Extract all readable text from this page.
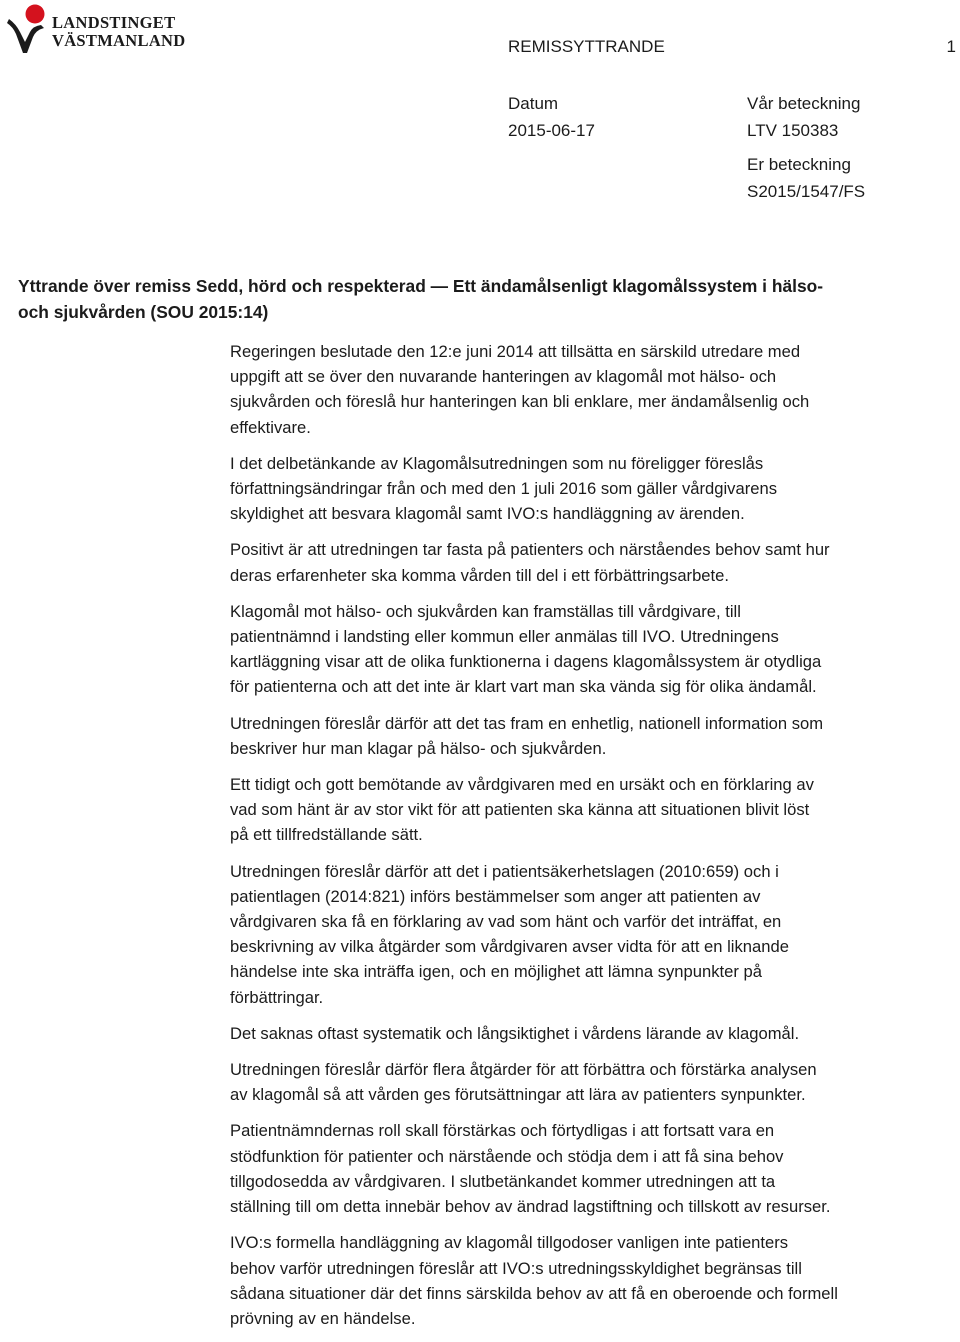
LANDSTINGET
VÄSTMANLAND	REMISSYTTRANDE	1
Datum
2015-06-17
Vår beteckning
LTV 150383
Er beteckning
S2015/1547/FS
Yttrande över remiss Sedd, hörd och respekterad — Ett ändamålsenligt klagomålssystem i hälso-
och sjukvården (SOU 2015:14)

Regeringen beslutade den 12:e juni 2014 att tillsätta en särskild utredare med
uppgift att se över den nuvarande hanteringen av klagomål mot hälso- och
sjukvården och föreslå hur hanteringen kan bli enklare, mer ändamålsenlig och
effektivare.

I det delbetänkande av Klagomålsutredningen som nu föreligger föreslås
författningsändringar från och med den 1 juli 2016 som gäller vårdgivarens
skyldighet att besvara klagomål samt IVO:s handläggning av ärenden.

Positivt är att utredningen tar fasta på patienters och närståendes behov samt hur
deras erfarenheter ska komma vården till del i ett förbättringsarbete.

Klagomål mot hälso- och sjukvården kan framställas till vårdgivare, till
patientnämnd i landsting eller kommun eller anmälas till IVO. Utredningens
kartläggning visar att de olika funktionerna i dagens klagomålssystem är otydliga
för patienterna och att det inte är klart vart man ska vända sig för olika ändamål.

Utredningen föreslår därför att det tas fram en enhetlig, nationell information som
beskriver hur man klagar på hälso- och sjukvården.

Ett tidigt och gott bemötande av vårdgivaren med en ursäkt och en förklaring av
vad som hänt är av stor vikt för att patienten ska känna att situationen blivit löst
på ett tillfredställande sätt.

Utredningen föreslår därför att det i patientsäkerhetslagen (2010:659) och i
patientlagen (2014:821) införs bestämmelser som anger att patienten av
vårdgivaren ska få en förklaring av vad som hänt och varför det inträffat, en
beskrivning av vilka åtgärder som vårdgivaren avser vidta för att en liknande
händelse inte ska inträffa igen, och en möjlighet att lämna synpunkter på
förbättringar.

Det saknas oftast systematik och långsiktighet i vårdens lärande av klagomål.

Utredningen föreslår därför flera åtgärder för att förbättra och förstärka analysen
av klagomål så att vården ges förutsättningar att lära av patienters synpunkter.

Patientnämndernas roll skall förstärkas och förtydligas i att fortsatt vara en
stödfunktion för patienter och närstående och stödja dem i att få sina behov
tillgodosedda av vårdgivaren. I slutbetänkandet kommer utredningen att ta
ställning till om detta innebär behov av ändrad lagstiftning och tillskott av resurser.

IVO:s formella handläggning av klagomål tillgodoser vanligen inte patienters
behov varför utredningen föreslår att IVO:s utredningsskyldighet begränsas till
sådana situationer där det finns särskilda behov av att få en oberoende och formell
prövning av en händelse.
